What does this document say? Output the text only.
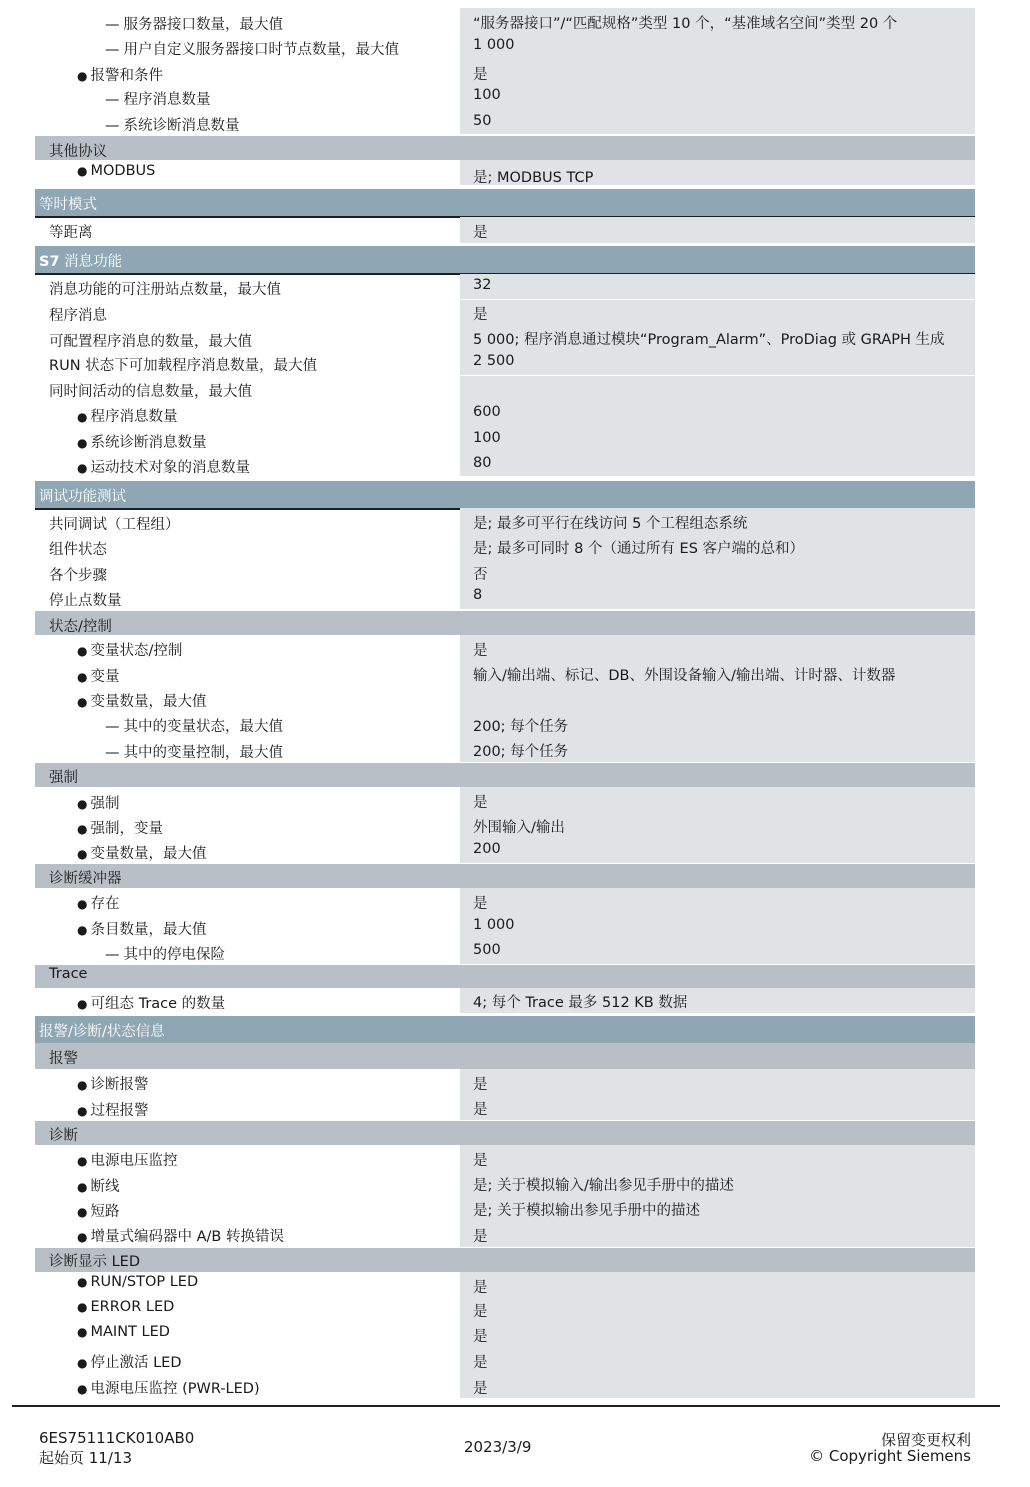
— 服务器接口数量，最大值	“服务器接口”/“匹配规格”类型 10 个，“基准域名空间”类型 20 个
— 用户自定义服务器接口时节点数量，最大值	1 000
● 报警和条件	是
— 程序消息数量	100
— 系统诊断消息数量	50
其他协议
● MODBUS	是; MODBUS TCP
等时模式
等距离	是
S7 消息功能
消息功能的可注册站点数量，最大值	32
程序消息	是
可配置程序消息的数量，最大值	5 000; 程序消息通过模块“Program_Alarm”、ProDiag 或 GRAPH 生成
RUN 状态下可加载程序消息数量，最大值	2 500
同时间活动的信息数量，最大值
● 程序消息数量	600
● 系统诊断消息数量	100
● 运动技术对象的消息数量	80
调试功能测试
共同调试（工程组）	是; 最多可平行在线访问 5 个工程组态系统
组件状态	是; 最多可同时 8 个（通过所有 ES 客户端的总和）
各个步骤	否
停止点数量	8
状态/控制
● 变量状态/控制	是
● 变量	输入/输出端、标记、DB、外围设备输入/输出端、计时器、计数器
● 变量数量，最大值
— 其中的变量状态，最大值	200; 每个任务
— 其中的变量控制，最大值	200; 每个任务
强制
● 强制	是
● 强制，变量	外围输入/输出
● 变量数量，最大值	200
诊断缓冲器
● 存在	是
● 条目数量，最大值	1 000
— 其中的停电保险	500
Trace
● 可组态 Trace 的数量	4; 每个 Trace 最多 512 KB 数据
报警/诊断/状态信息
报警
● 诊断报警	是
● 过程报警	是
诊断
● 电源电压监控	是
● 断线	是; 关于模拟输入/输出参见手册中的描述
● 短路	是; 关于模拟输出参见手册中的描述
● 增量式编码器中 A/B 转换错误	是
诊断显示 LED
● RUN/STOP LED	是
● ERROR LED	是
● MAINT LED	是
● 停止激活 LED	是
● 电源电压监控 (PWR-LED)	是
6ES75111CK010AB0
起始页 11/13
2023/3/9	保留变更权利
© Copyright Siemens
